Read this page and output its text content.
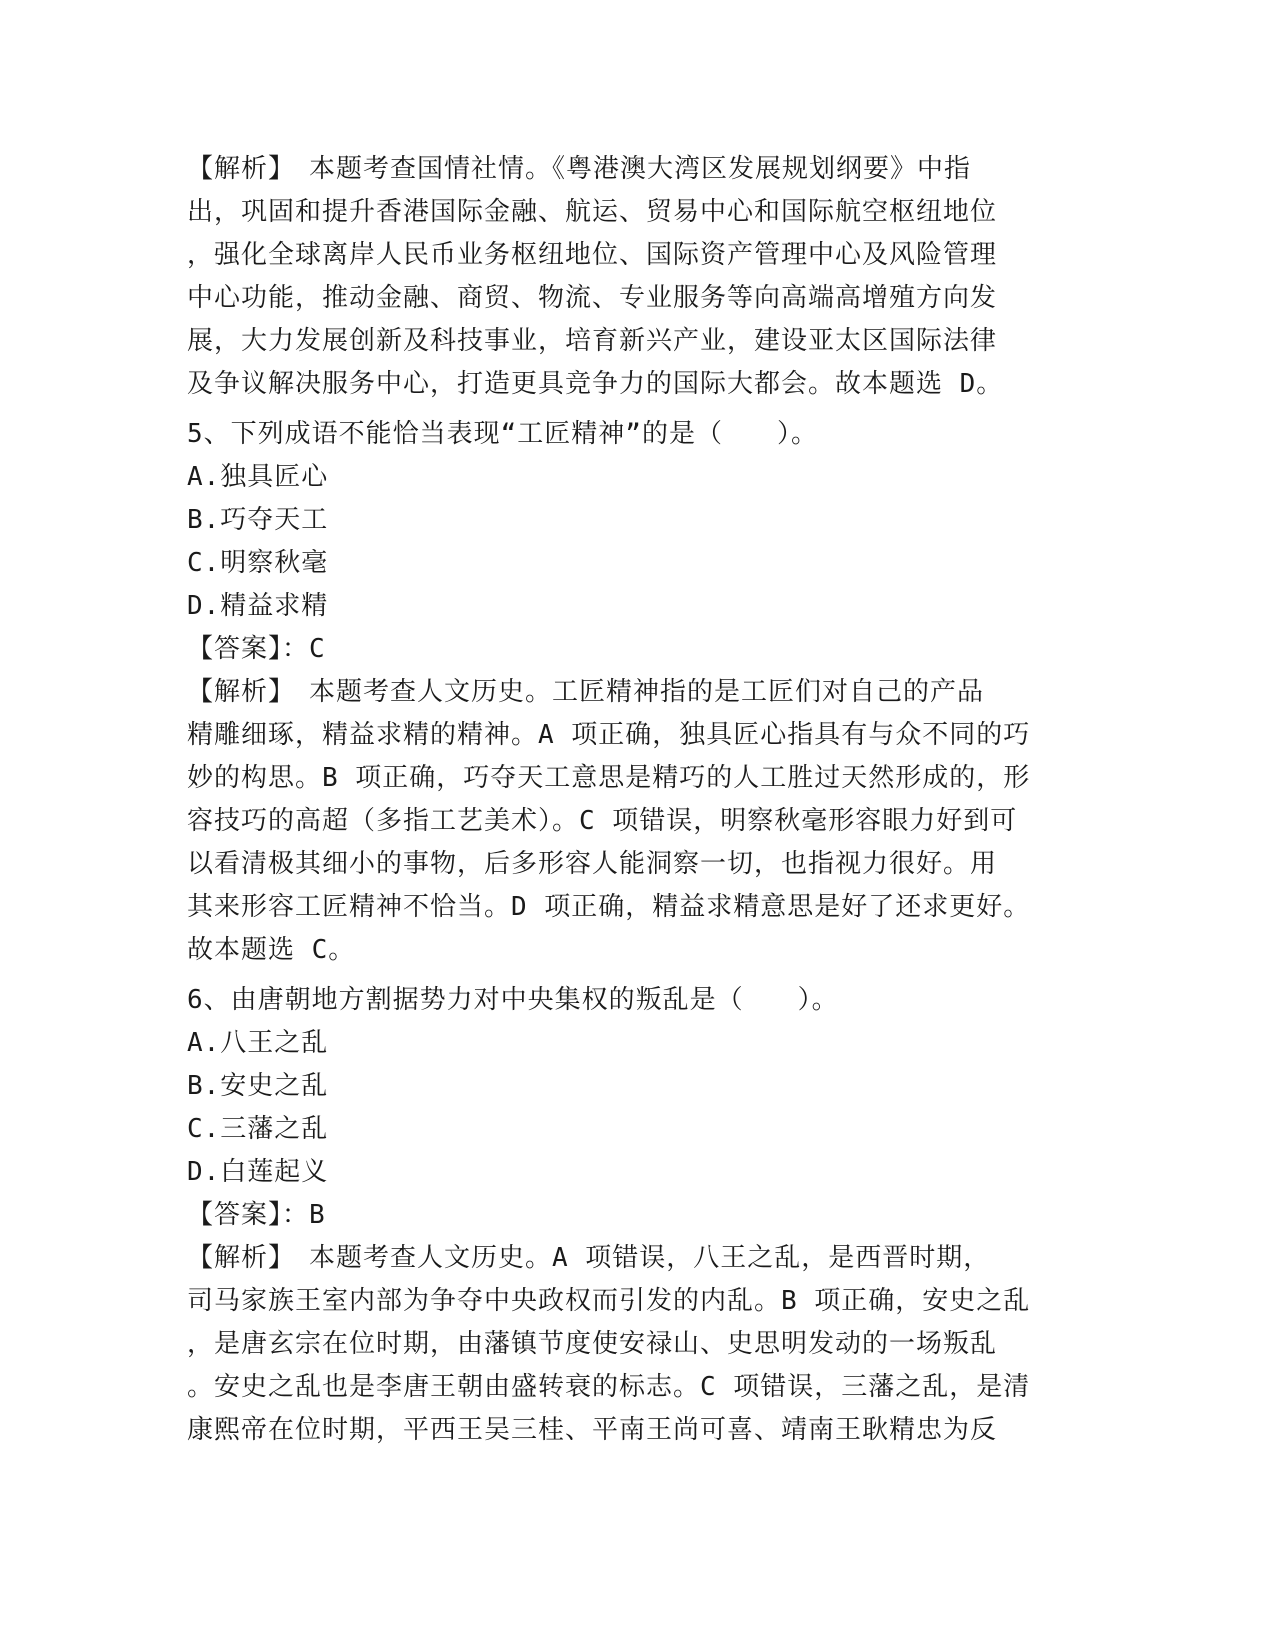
【解析】　本题考查国情社情。《粤港澳大湾区发展规划纲要》中指
出，巩固和提升香港国际金融、航运、贸易中心和国际航空枢纽地位
，强化全球离岸人民币业务枢纽地位、国际资产管理中心及风险管理
中心功能，推动金融、商贸、物流、专业服务等向高端高增殖方向发
展，大力发展创新及科技事业，培育新兴产业，建设亚太区国际法律
及争议解决服务中心，打造更具竞争力的国际大都会。故本题选 D。
5、下列成语不能恰当表现“工匠精神”的是（　　）。
A.独具匠心
B.巧夺天工
C.明察秋毫
D.精益求精
【答案】：C
【解析】　本题考查人文历史。工匠精神指的是工匠们对自己的产品
精雕细琢，精益求精的精神。A 项正确，独具匠心指具有与众不同的巧
妙的构思。B 项正确，巧夺天工意思是精巧的人工胜过天然形成的，形
容技巧的高超（多指工艺美术）。C 项错误，明察秋毫形容眼力好到可
以看清极其细小的事物，后多形容人能洞察一切，也指视力很好。用
其来形容工匠精神不恰当。D 项正确，精益求精意思是好了还求更好。
故本题选 C。
6、由唐朝地方割据势力对中央集权的叛乱是（　　）。
A.八王之乱
B.安史之乱
C.三藩之乱
D.白莲起义
【答案】：B
【解析】　本题考查人文历史。A 项错误，八王之乱，是西晋时期，
司马家族王室内部为争夺中央政权而引发的内乱。B 项正确，安史之乱
，是唐玄宗在位时期，由藩镇节度使安禄山、史思明发动的一场叛乱
。安史之乱也是李唐王朝由盛转衰的标志。C 项错误，三藩之乱，是清
康熙帝在位时期，平西王吴三桂、平南王尚可喜、靖南王耿精忠为反
